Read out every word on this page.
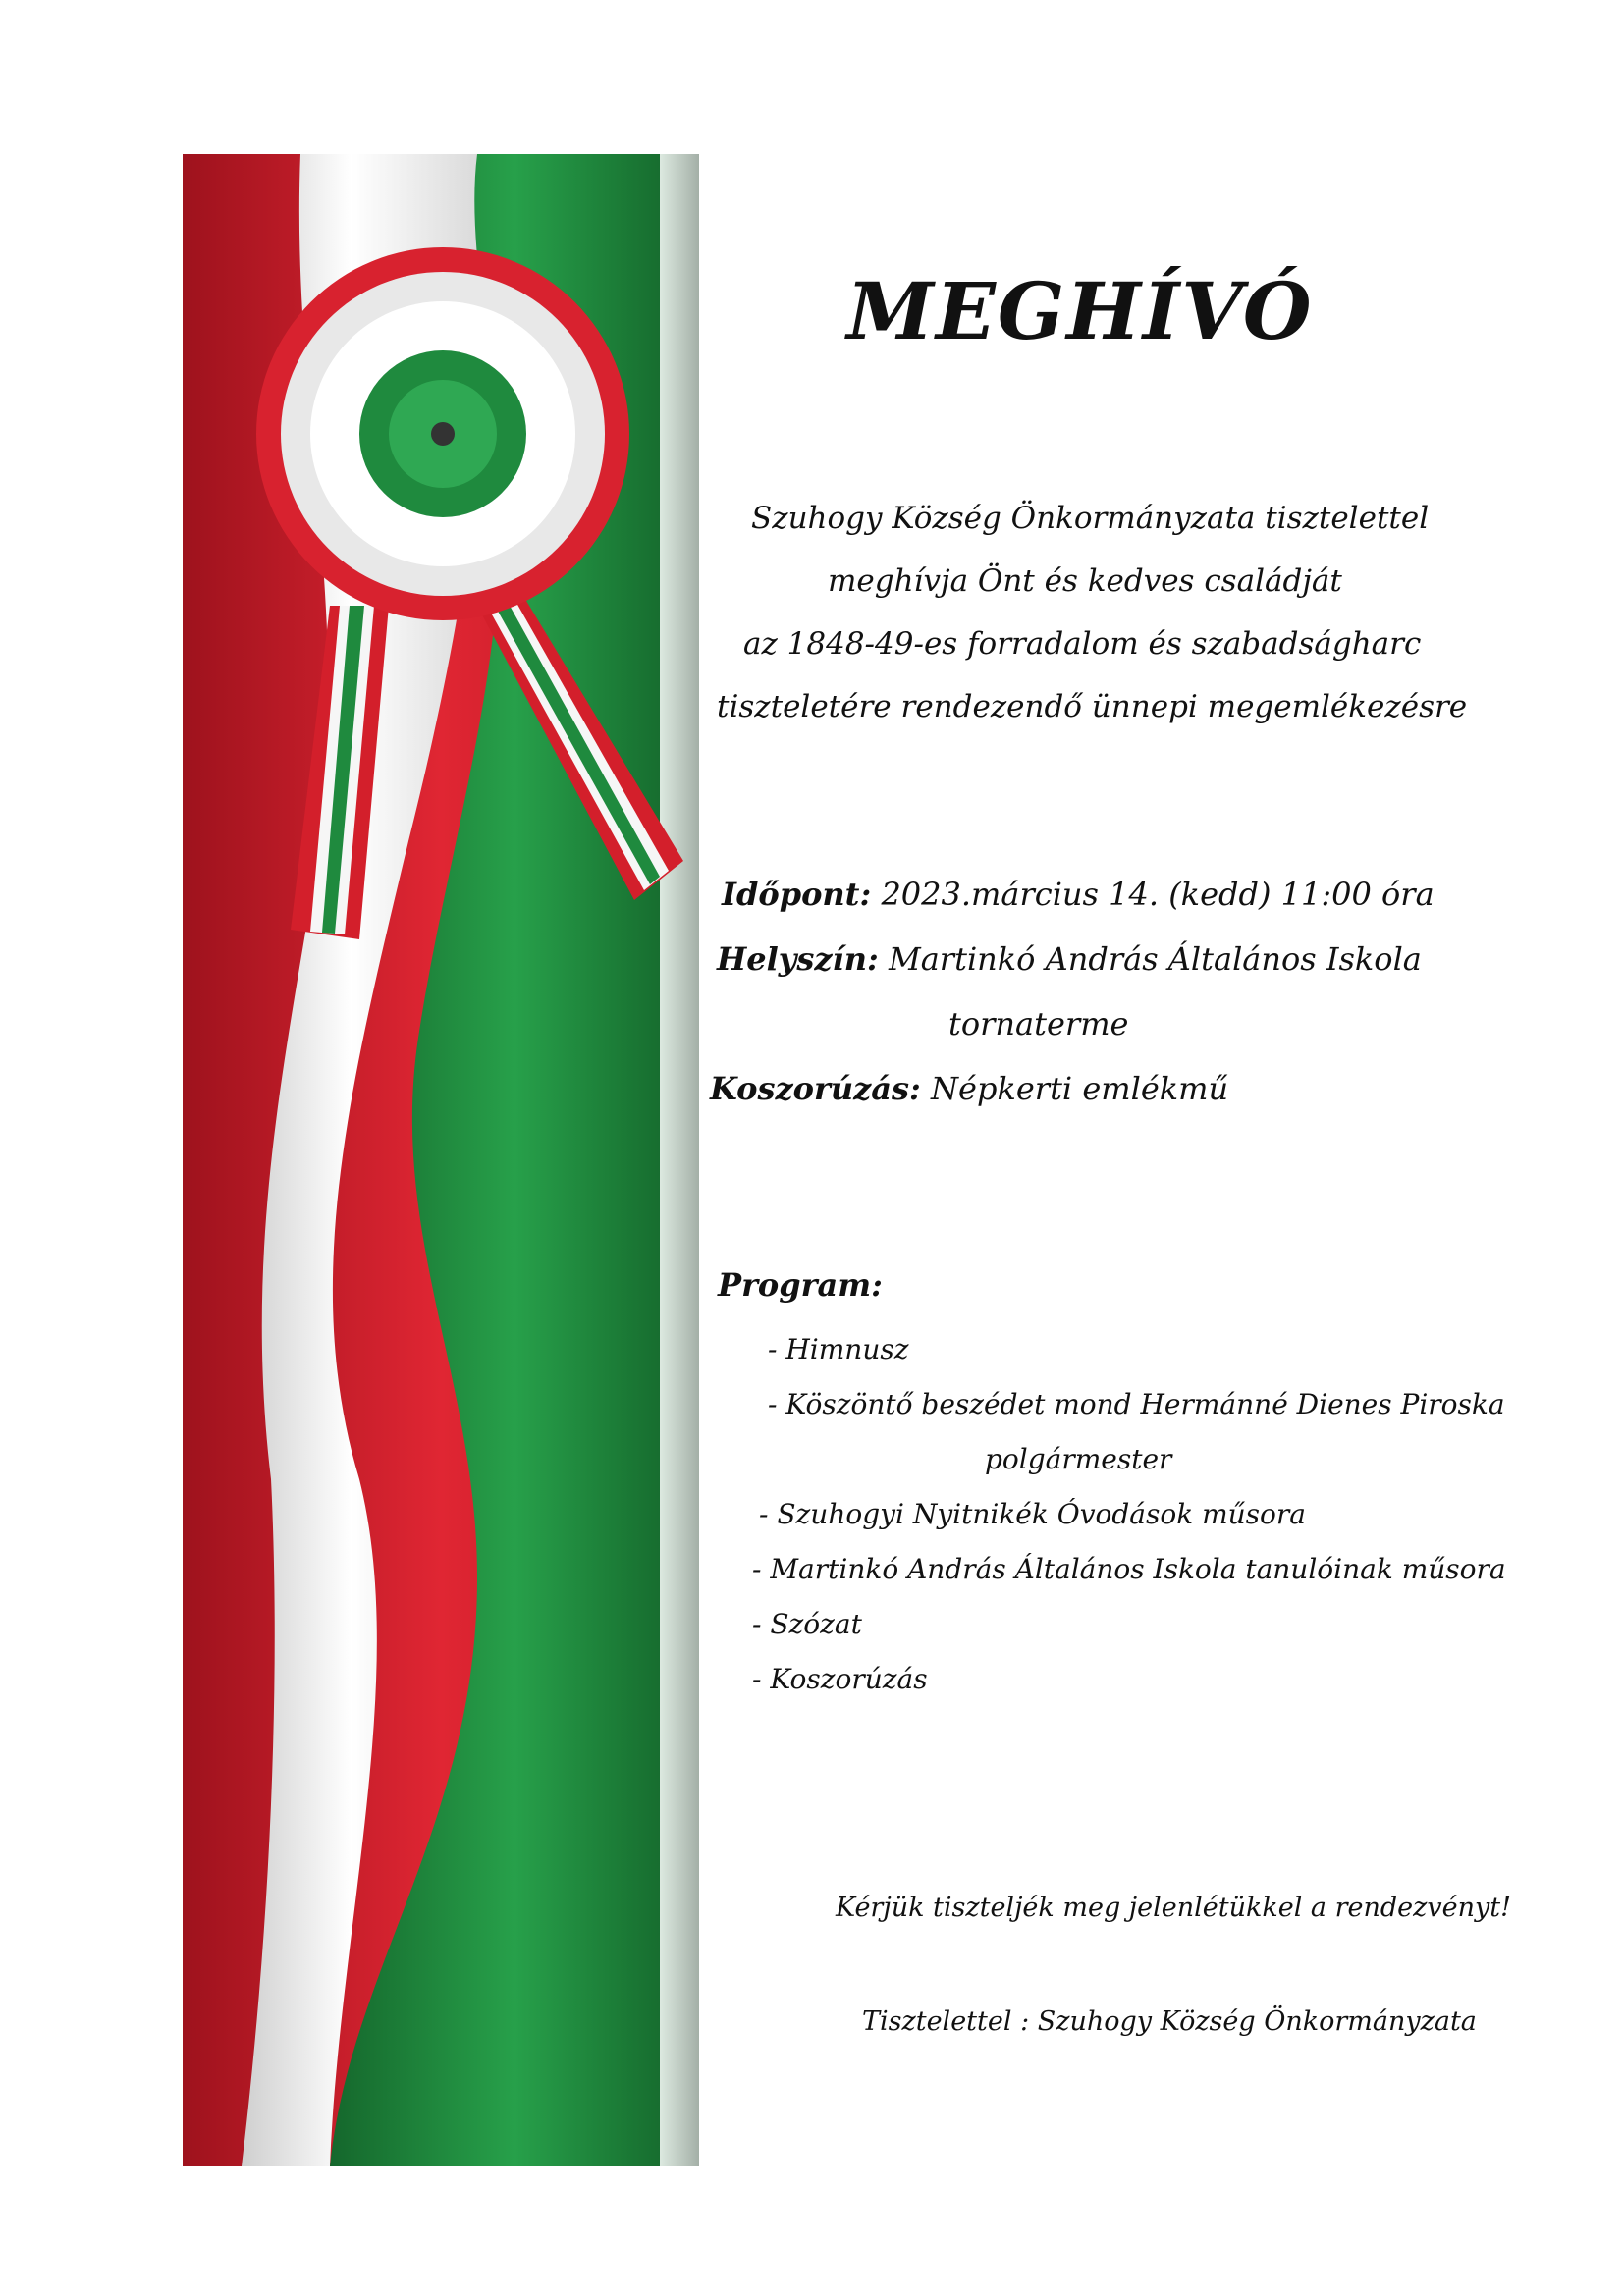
MEGHÍVÓ

Szuhogy Község Önkormányzata tisztelettel

meghívja Önt és kedves családját

az 1848-49-es forradalom és szabadságharc

tiszteletére rendezendő ünnepi megemlékezésre

Időpont: 2023.március 14. (kedd) 11:00 óra

Helyszín: Martinkó András Általános Iskola

tornaterme

Koszorúzás: Népkerti emlékmű

Program:

- Himnusz

- Köszöntő beszédet mond Hermánné Dienes Piroska

polgármester

- Szuhogyi Nyitnikék Óvodások műsora

- Martinkó András Általános Iskola tanulóinak műsora

- Szózat

- Koszorúzás

Kérjük tiszteljék meg jelenlétükkel a rendezvényt!

Tisztelettel : Szuhogy Község Önkormányzata
